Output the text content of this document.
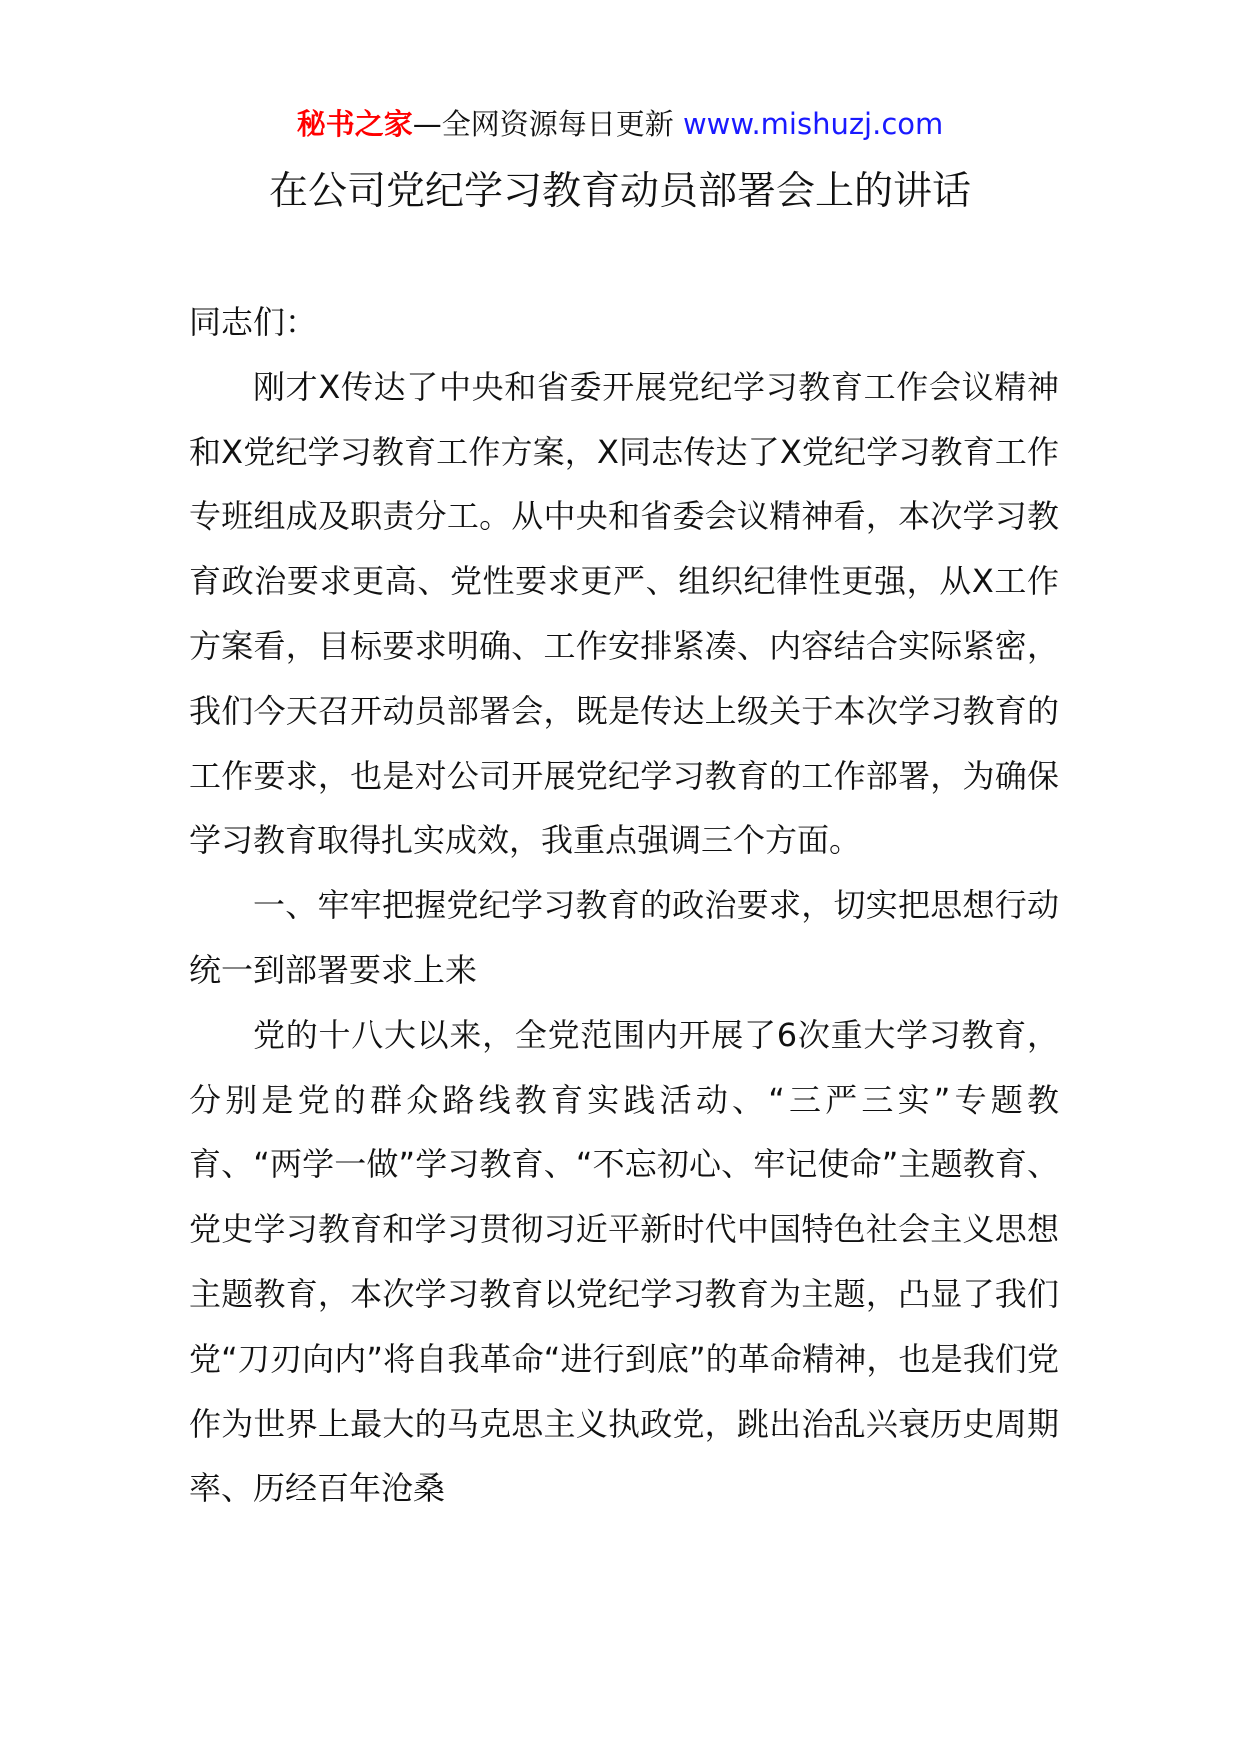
秘书之家—全网资源每日更新 www.mishuzj.com
在公司党纪学习教育动员部署会上的讲话

同志们：

刚才X传达了中央和省委开展党纪学习教育工作会议精神和X党纪学习教育工作方案，X同志传达了X党纪学习教育工作专班组成及职责分工。从中央和省委会议精神看，本次学习教育政治要求更高、党性要求更严、组织纪律性更强，从X工作方案看，目标要求明确、工作安排紧凑、内容结合实际紧密，我们今天召开动员部署会，既是传达上级关于本次学习教育的工作要求，也是对公司开展党纪学习教育的工作部署，为确保学习教育取得扎实成效，我重点强调三个方面。

一、牢牢把握党纪学习教育的政治要求，切实把思想行动统一到部署要求上来

党的十八大以来，全党范围内开展了6次重大学习教育，分别是党的群众路线教育实践活动、“三严三实”专题教育、“两学一做”学习教育、“不忘初心、牢记使命”主题教育、党史学习教育和学习贯彻习近平新时代中国特色社会主义思想主题教育，本次学习教育以党纪学习教育为主题，凸显了我们党“刀刃向内”将自我革命“进行到底”的革命精神，也是我们党作为世界上最大的马克思主义执政党，跳出治乱兴衰历史周期率、历经百年沧桑
